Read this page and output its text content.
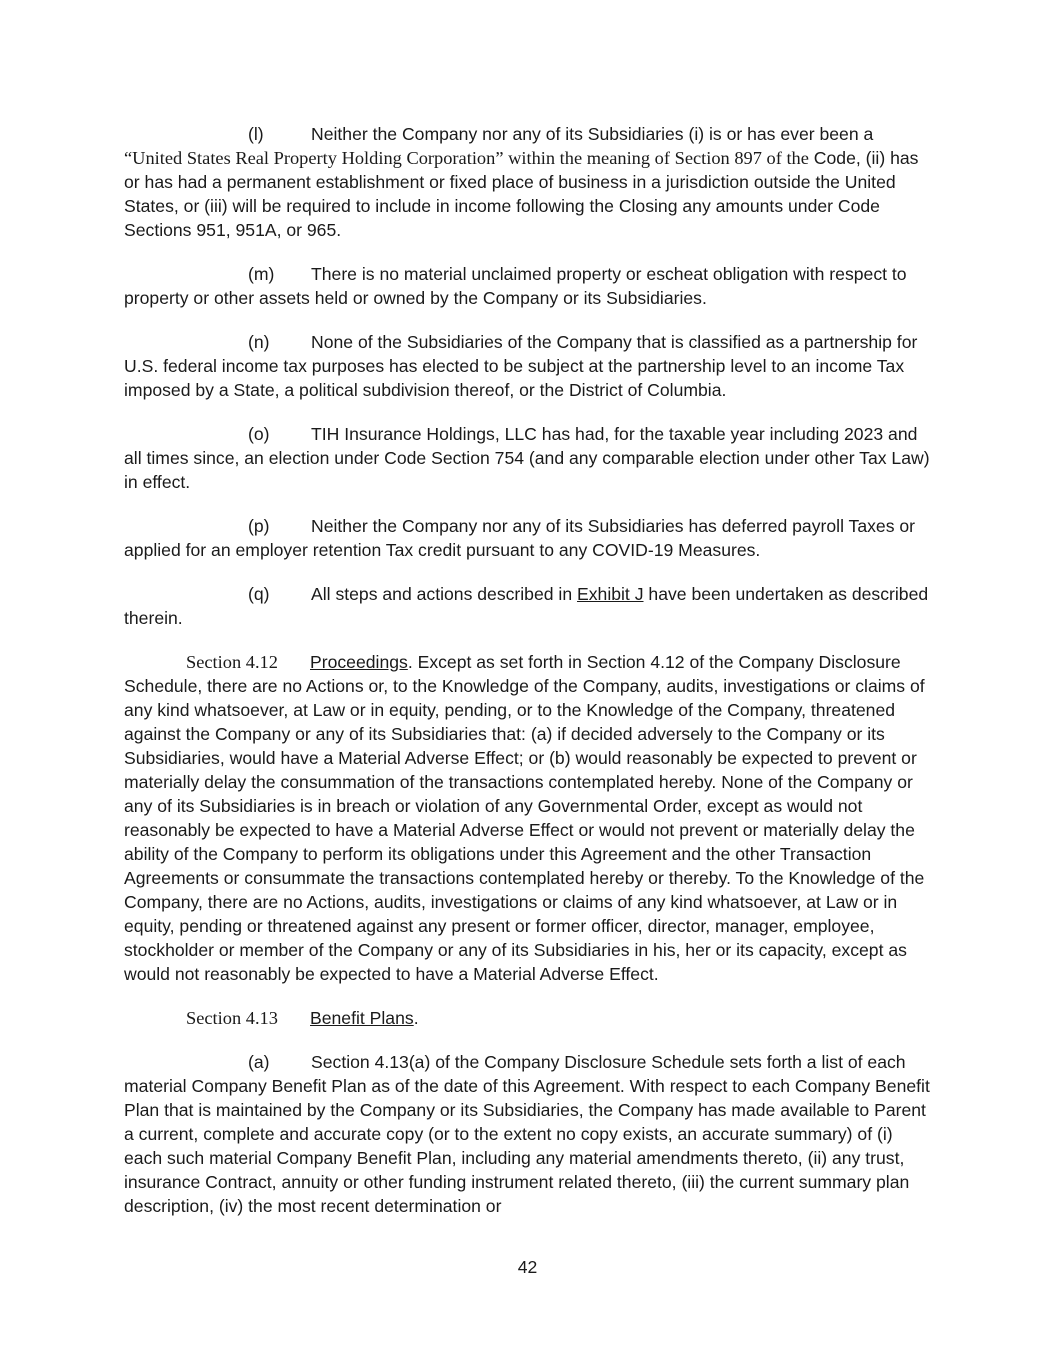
(l)	Neither the Company nor any of its Subsidiaries (i) is or has ever been a “United States Real Property Holding Corporation” within the meaning of Section 897 of the Code, (ii) has or has had a permanent establishment or fixed place of business in a jurisdiction outside the United States, or (iii) will be required to include in income following the Closing any amounts under Code Sections 951, 951A, or 965.

(m) There is no material unclaimed property or escheat obligation with respect to property or other assets held or owned by the Company or its Subsidiaries.

(n) None of the Subsidiaries of the Company that is classified as a partnership for U.S. federal income tax purposes has elected to be subject at the partnership level to an income Tax imposed by a State, a political subdivision thereof, or the District of Columbia.

(o) TIH Insurance Holdings, LLC has had, for the taxable year including 2023 and all times since, an election under Code Section 754 (and any comparable election under other Tax Law) in effect.

(p) Neither the Company nor any of its Subsidiaries has deferred payroll Taxes or applied for an employer retention Tax credit pursuant to any COVID-19 Measures.

(q) All steps and actions described in Exhibit J have been undertaken as described therein.

Section 4.12 Proceedings. Except as set forth in Section 4.12 of the Company Disclosure Schedule, there are no Actions or, to the Knowledge of the Company, audits, investigations or claims of any kind whatsoever, at Law or in equity, pending, or to the Knowledge of the Company, threatened against the Company or any of its Subsidiaries that: (a) if decided adversely to the Company or its Subsidiaries, would have a Material Adverse Effect; or (b) would reasonably be expected to prevent or materially delay the consummation of the transactions contemplated hereby. None of the Company or any of its Subsidiaries is in breach or violation of any Governmental Order, except as would not reasonably be expected to have a Material Adverse Effect or would not prevent or materially delay the ability of the Company to perform its obligations under this Agreement and the other Transaction Agreements or consummate the transactions contemplated hereby or thereby. To the Knowledge of the Company, there are no Actions, audits, investigations or claims of any kind whatsoever, at Law or in equity, pending or threatened against any present or former officer, director, manager, employee, stockholder or member of the Company or any of its Subsidiaries in his, her or its capacity, except as would not reasonably be expected to have a Material Adverse Effect.

Section 4.13 Benefit Plans.

(a) Section 4.13(a) of the Company Disclosure Schedule sets forth a list of each material Company Benefit Plan as of the date of this Agreement. With respect to each Company Benefit Plan that is maintained by the Company or its Subsidiaries, the Company has made available to Parent a current, complete and accurate copy (or to the extent no copy exists, an accurate summary) of (i) each such material Company Benefit Plan, including any material amendments thereto, (ii) any trust, insurance Contract, annuity or other funding instrument related thereto, (iii) the current summary plan description, (iv) the most recent determination or

42
